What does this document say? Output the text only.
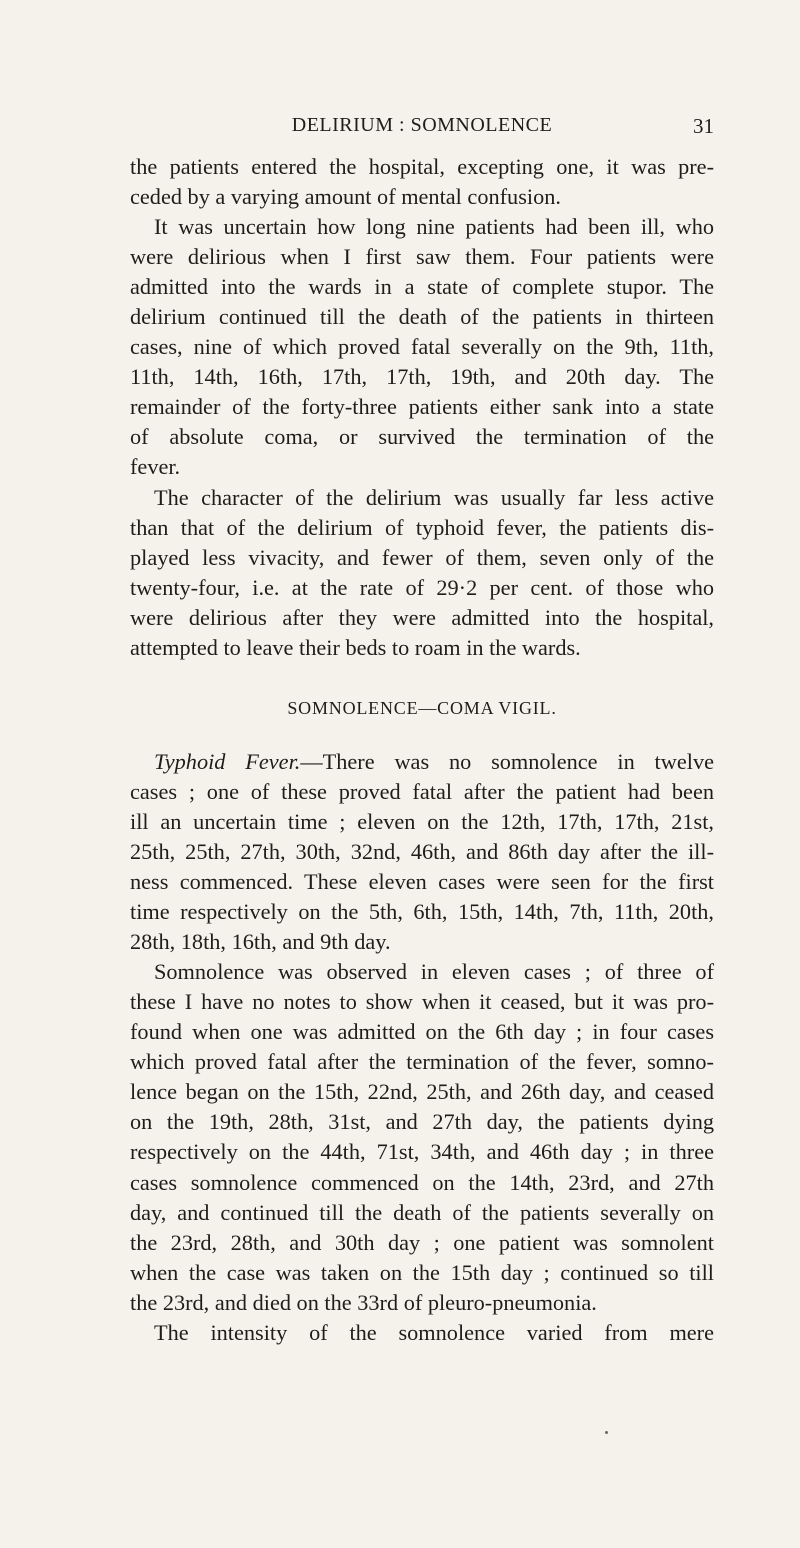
DELIRIUM : SOMNOLENCE	31

the patients entered the hospital, excepting one, it was pre-
ceded by a varying amount of mental confusion.

It was uncertain how long nine patients had been ill, who
were delirious when I first saw them. Four patients were
admitted into the wards in a state of complete stupor. The
delirium continued till the death of the patients in thirteen
cases, nine of which proved fatal severally on the 9th, 11th,
11th, 14th, 16th, 17th, 17th, 19th, and 20th day. The
remainder of the forty-three patients either sank into a state
of absolute coma, or survived the termination of the
fever.

The character of the delirium was usually far less active
than that of the delirium of typhoid fever, the patients dis-
played less vivacity, and fewer of them, seven only of the
twenty-four, i.e. at the rate of 29·2 per cent. of those who
were delirious after they were admitted into the hospital,
attempted to leave their beds to roam in the wards.

SOMNOLENCE—COMA VIGIL.

Typhoid Fever.—There was no somnolence in twelve
cases ; one of these proved fatal after the patient had been
ill an uncertain time ; eleven on the 12th, 17th, 17th, 21st,
25th, 25th, 27th, 30th, 32nd, 46th, and 86th day after the ill-
ness commenced. These eleven cases were seen for the first
time respectively on the 5th, 6th, 15th, 14th, 7th, 11th, 20th,
28th, 18th, 16th, and 9th day.

Somnolence was observed in eleven cases ; of three of
these I have no notes to show when it ceased, but it was pro-
found when one was admitted on the 6th day ; in four cases
which proved fatal after the termination of the fever, somno-
lence began on the 15th, 22nd, 25th, and 26th day, and ceased
on the 19th, 28th, 31st, and 27th day, the patients dying
respectively on the 44th, 71st, 34th, and 46th day ; in three
cases somnolence commenced on the 14th, 23rd, and 27th
day, and continued till the death of the patients severally on
the 23rd, 28th, and 30th day ; one patient was somnolent
when the case was taken on the 15th day ; continued so till
the 23rd, and died on the 33rd of pleuro-pneumonia.

The intensity of the somnolence varied from mere
